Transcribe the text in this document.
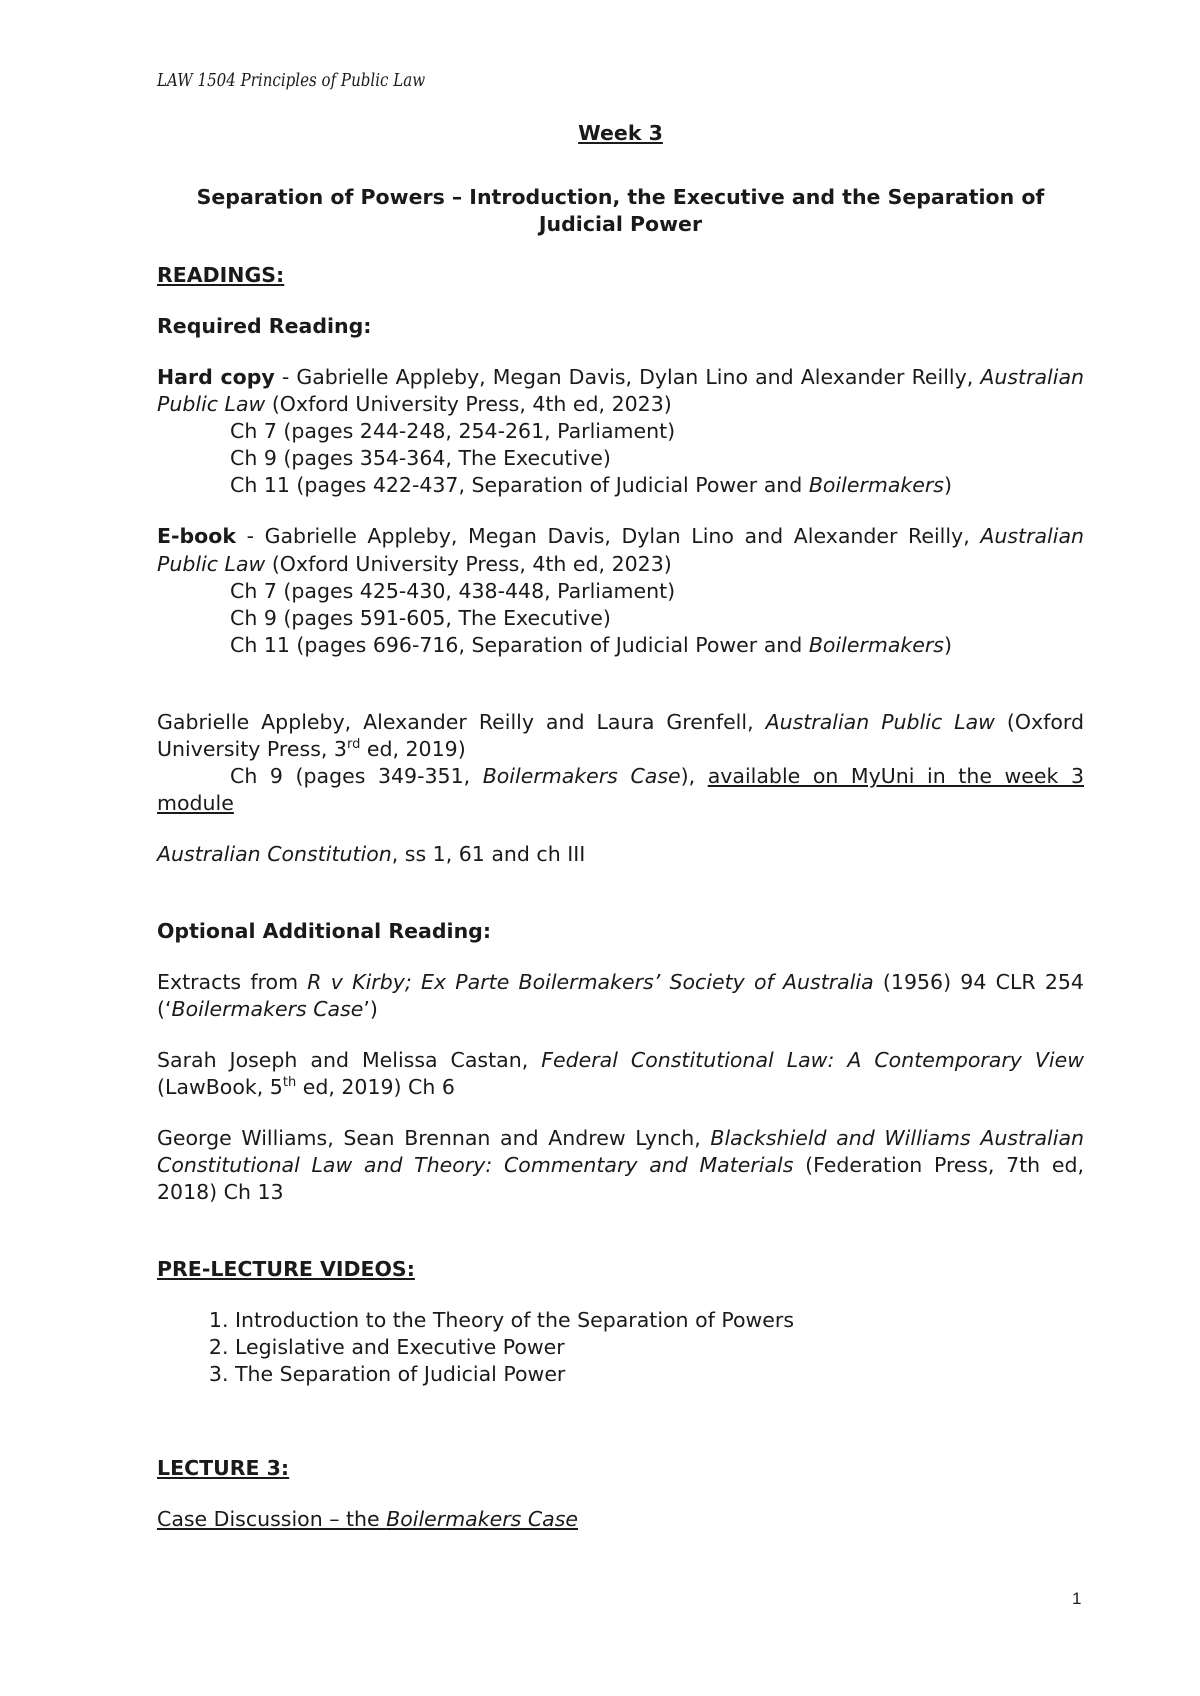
LAW 1504 Principles of Public Law

Week 3

Separation of Powers – Introduction, the Executive and the Separation of Judicial Power

READINGS:

Required Reading:

Hard copy - Gabrielle Appleby, Megan Davis, Dylan Lino and Alexander Reilly, Australian Public Law (Oxford University Press, 4th ed, 2023)

Ch 7 (pages 244-248, 254-261, Parliament)

Ch 9 (pages 354-364, The Executive)

Ch 11 (pages 422-437, Separation of Judicial Power and Boilermakers)

E-book - Gabrielle Appleby, Megan Davis, Dylan Lino and Alexander Reilly, Australian Public Law (Oxford University Press, 4th ed, 2023)

Ch 7 (pages 425-430, 438-448, Parliament)

Ch 9 (pages 591-605, The Executive)

Ch 11 (pages 696-716, Separation of Judicial Power and Boilermakers)

Gabrielle Appleby, Alexander Reilly and Laura Grenfell, Australian Public Law (Oxford University Press, 3rd ed, 2019)

Ch 9 (pages 349-351, Boilermakers Case), available on MyUni in the week 3 module

Australian Constitution, ss 1, 61 and ch III

Optional Additional Reading:

Extracts from R v Kirby; Ex Parte Boilermakers’ Society of Australia (1956) 94 CLR 254 (‘Boilermakers Case’)

Sarah Joseph and Melissa Castan, Federal Constitutional Law: A Contemporary View (LawBook, 5th ed, 2019) Ch 6

George Williams, Sean Brennan and Andrew Lynch, Blackshield and Williams Australian Constitutional Law and Theory: Commentary and Materials (Federation Press, 7th ed, 2018) Ch 13

PRE-LECTURE VIDEOS:

1. Introduction to the Theory of the Separation of Powers
2. Legislative and Executive Power
3. The Separation of Judicial Power

LECTURE 3:

Case Discussion – the Boilermakers Case

1
